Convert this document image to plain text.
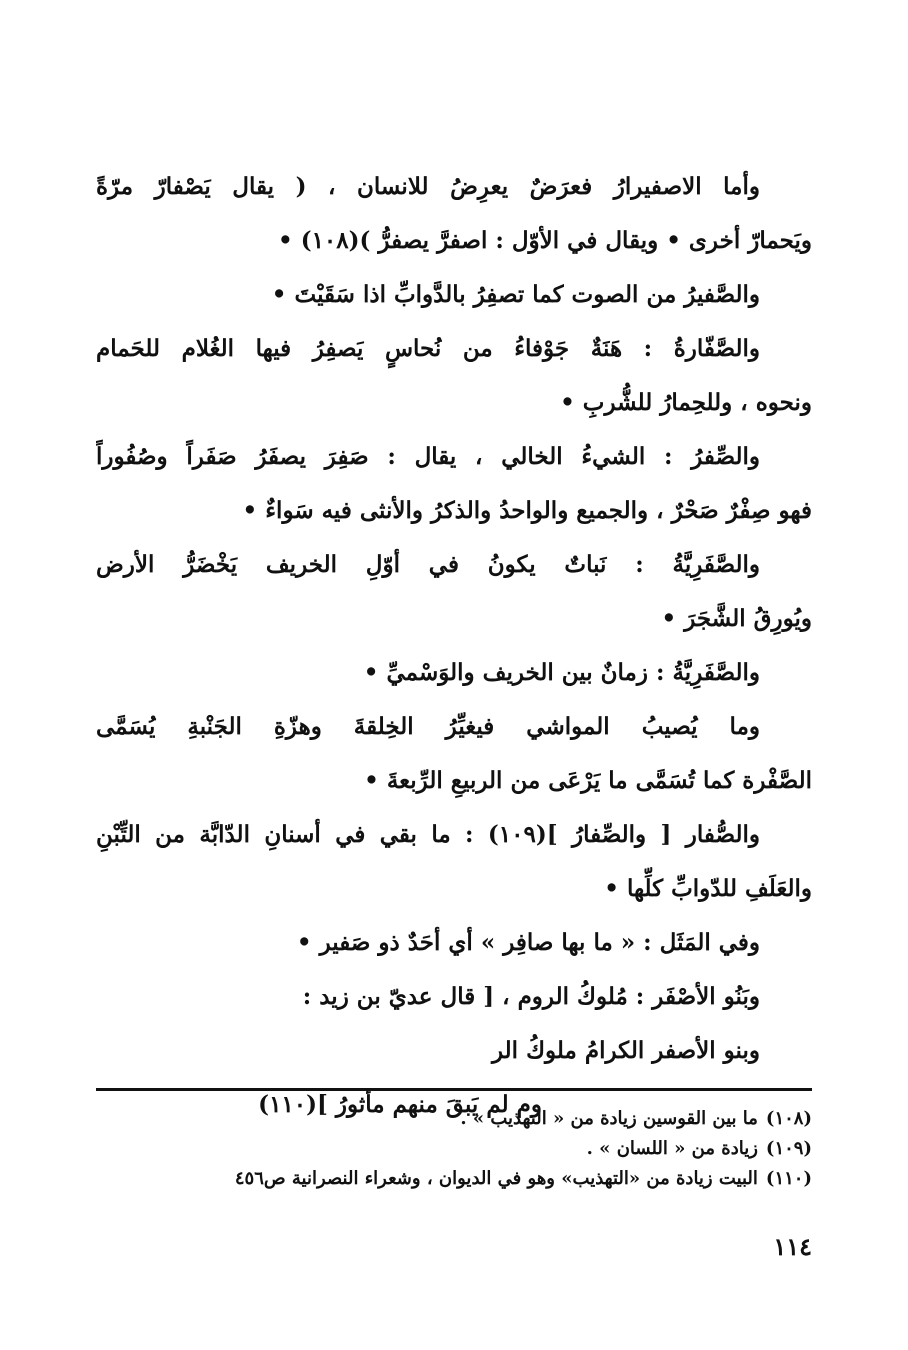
وأما الاصفيرارُ فعرَضٌ يعرِضُ للانسان ، ( يقال يَصْفارّ مرّةً
ويَحمارّ أخرى • ويقال في الأوّل : اصفرَّ يصفرُّ )(١٠٨) •
والصَّفيرُ من الصوت كما تصفِرُ بالدَّوابِّ اذا سَقَيْتَ •
والصَّفّارةُ : هَنَةٌ جَوْفاءُ من نُحاسٍ يَصفِرُ فيها الغُلام للحَمام
ونحوه ، وللحِمارُ للشُّربِ •
والصِّفرُ : الشيءُ الخالي ، يقال : صَفِرَ يصفَرُ صَفَراً وصُفُوراً
فهو صِفْرٌ صَحْرٌ ، والجميع والواحدُ والذكرُ والأنثى فيه سَواءٌ •
والصَّفَرِيَّةُ : نَباتٌ يكونُ في أوّلِ الخريف يَخْضَرُّ الأرض
ويُورِقُ الشَّجَرَ •
والصَّفَرِيَّةُ : زمانٌ بين الخريف والوَسْميِّ •
وما يُصيبُ المواشي فيغيِّرُ الخِلقةَ وهزّةِ الجَنْبةِ يُسَمَّى
الصَّفْرة كما تُسَمَّى ما يَرْعَى من الربيعِ الرِّبعةَ •
والصُّفار [ والصِّفارُ ](١٠٩) : ما بقي في أسنانِ الدّابَّة من التِّبْنِ
والعَلَفِ للدّوابِّ كلِّها •
وفي المَثَل : « ما بها صافِر » أي أحَدٌ ذو صَفير •
وبَنُو الأصْفَر : مُلوكُ الروم ، [ قال عديّ بن زيد :
وبنو الأصفر الكرامُ ملوكُ الر
وم لم يَبقَ منهم مأثورُ ](١١٠)
(١٠٨)ما بين القوسين زيادة من « التهذيب » .
(١٠٩)زيادة من « اللسان » .
(١١٠)البيت زيادة من «التهذيب» وهو في الديوان ، وشعراء النصرانية ص٤٥٦
١١٤
